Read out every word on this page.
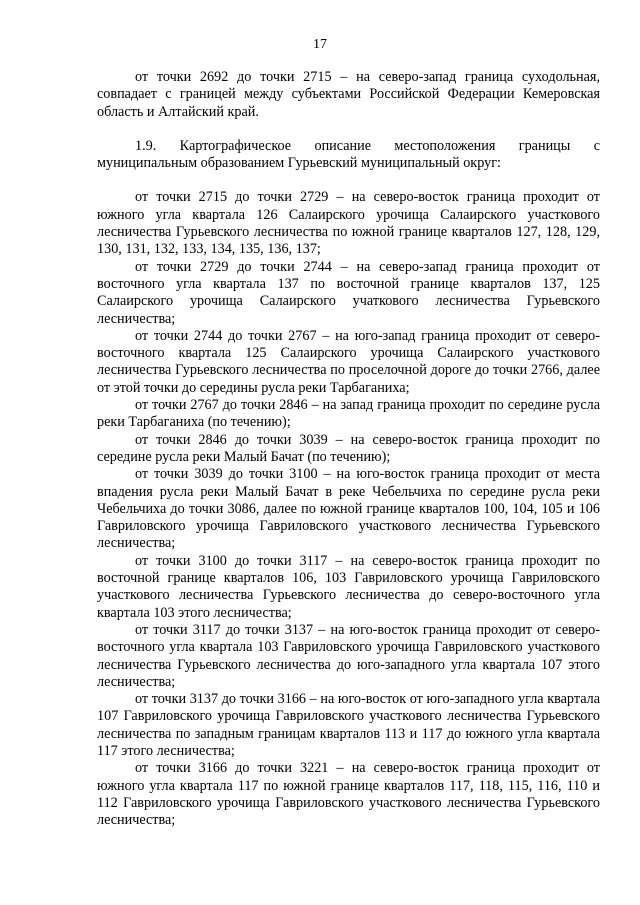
17

от точки 2692 до точки 2715 – на северо-запад граница суходольная, совпадает с границей между субъектами Российской Федерации Кемеровская область и Алтайский край.

1.9. Картографическое описание местоположения границы с муниципальным образованием Гурьевский муниципальный округ:

от точки 2715 до точки 2729 – на северо-восток граница проходит от южного угла квартала 126 Салаирского урочища Салаирского участкового лесничества Гурьевского лесничества по южной границе кварталов 127, 128, 129, 130, 131, 132, 133, 134, 135, 136, 137;

от точки 2729 до точки 2744 – на северо-запад граница проходит от восточного угла квартала 137 по восточной границе кварталов 137, 125 Салаирского урочища Салаирского учаткового лесничества Гурьевского лесничества;

от точки 2744 до точки 2767 – на юго-запад граница проходит от северо-восточного квартала 125 Салаирского урочища Салаирского участкового лесничества Гурьевского лесничества по проселочной дороге до точки 2766, далее от этой точки до середины русла реки Тарбаганиха;

от точки 2767 до точки 2846 – на запад граница проходит по середине русла реки Тарбаганиха (по течению);

от точки 2846 до точки 3039 – на северо-восток граница проходит по середине русла реки Малый Бачат (по течению);

от точки 3039 до точки 3100 – на юго-восток граница проходит от места впадения русла реки Малый Бачат в реке Чебельчиха по середине русла реки Чебельчиха до точки 3086, далее по южной границе кварталов 100, 104, 105 и 106 Гавриловского урочища Гавриловского участкового лесничества Гурьевского лесничества;

от точки 3100 до точки 3117 – на северо-восток граница проходит по восточной границе кварталов 106, 103 Гавриловского урочища Гавриловского участкового лесничества Гурьевского лесничества до северо-восточного угла квартала 103 этого лесничества;

от точки 3117 до точки 3137 – на юго-восток граница проходит от северо-восточного угла квартала 103 Гавриловского урочища Гавриловского участкового лесничества Гурьевского лесничества до юго-западного угла квартала 107 этого лесничества;

от точки 3137 до точки 3166 – на юго-восток от юго-западного угла квартала 107 Гавриловского урочища Гавриловского участкового лесничества Гурьевского лесничества по западным границам кварталов 113 и 117 до южного угла квартала 117 этого лесничества;

от точки 3166 до точки 3221 – на северо-восток граница проходит от южного угла квартала 117 по южной границе кварталов 117, 118, 115, 116, 110 и 112 Гавриловского урочища Гавриловского участкового лесничества Гурьевского лесничества;
